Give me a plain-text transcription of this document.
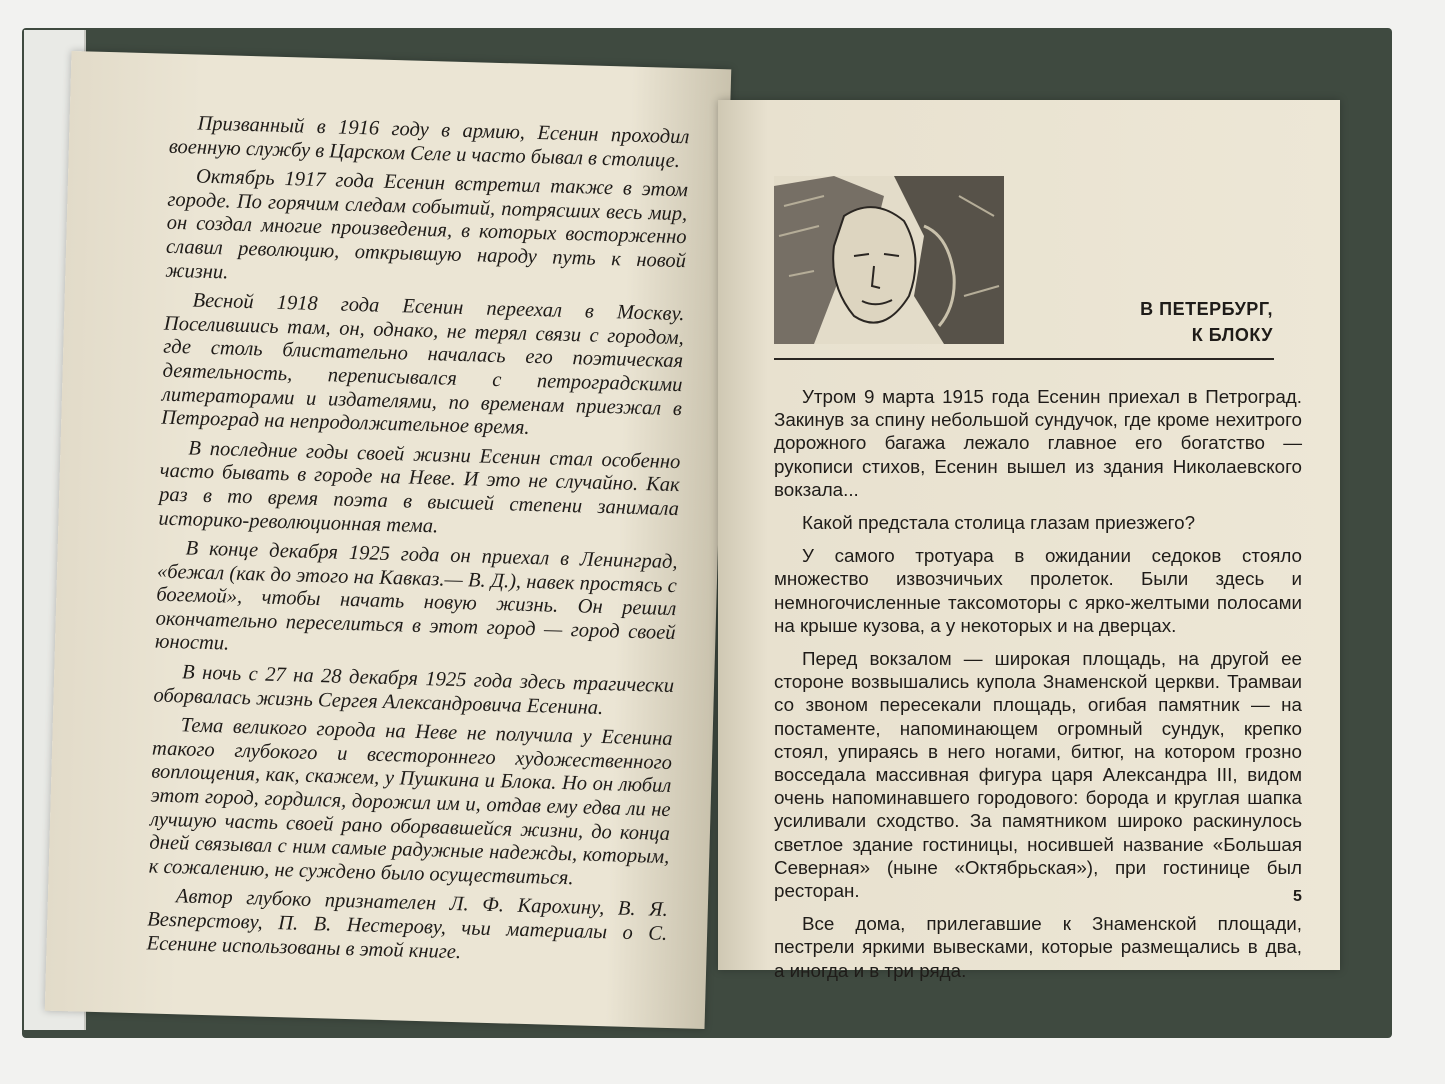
Призванный в 1916 году в армию, Есенин проходил военную службу в Царском Селе и часто бывал в столице.

Октябрь 1917 года Есенин встретил также в этом городе. По горячим следам событий, потрясших весь мир, он создал многие произведения, в которых восторженно славил революцию, открывшую народу путь к новой жизни.

Весной 1918 года Есенин переехал в Москву. Поселившись там, он, однако, не терял связи с городом, где столь блистательно началась его поэтическая деятельность, переписывался с петроградскими литераторами и издателями, по временам приезжал в Петроград на непродолжительное время.

В последние годы своей жизни Есенин стал особенно часто бывать в городе на Неве. И это не случайно. Как раз в то время поэта в высшей степени занимала историко-революционная тема.

В конце декабря 1925 года он приехал в Ленинград, «бежал (как до этого на Кавказ.— В. Д.), навек простясь с богемой», чтобы начать новую жизнь. Он решил окончательно переселиться в этот город — город своей юности.

В ночь с 27 на 28 декабря 1925 года здесь трагически оборвалась жизнь Сергея Александровича Есенина.

Тема великого города на Неве не получила у Есенина такого глубокого и всестороннего художественного воплощения, как, скажем, у Пушкина и Блока. Но он любил этот город, гордился, дорожил им и, отдав ему едва ли не лучшую часть своей рано оборвавшейся жизни, до конца дней связывал с ним самые радужные надежды, которым, к сожалению, не суждено было осуществиться.

Автор глубоко признателен Л. Ф. Карохину, В. Я. Besперстову, П. В. Нестерову, чьи материалы о С. Есенине использованы в этой книге.

В ПЕТЕРБУРГ,
К БЛОКУ

Утром 9 марта 1915 года Есенин приехал в Петроград. Закинув за спину небольшой сундучок, где кроме нехитрого дорожного багажа лежало главное его богатство — рукописи стихов, Есенин вышел из здания Николаевского вокзала...

Какой предстала столица глазам приезжего?

У самого тротуара в ожидании седоков стояло множество извозчичьих пролеток. Были здесь и немногочисленные таксомоторы с ярко-желтыми полосами на крыше кузова, а у некоторых и на дверцах.

Перед вокзалом — широкая площадь, на другой ее стороне возвышались купола Знаменской церкви. Трамваи со звоном пересекали площадь, огибая памятник — на постаменте, напоминающем огромный сундук, крепко стоял, упираясь в него ногами, битюг, на котором грозно восседала массивная фигура царя Александра III, видом очень напоминавшего городового: борода и круглая шапка усиливали сходство. За памятником широко раскинулось светлое здание гостиницы, носившей название «Большая Северная» (ныне «Октябрьская»), при гостинице был ресторан.

Все дома, прилегавшие к Знаменской площади, пестрели яркими вывесками, которые размещались в два, а иногда и в три ряда.

5
